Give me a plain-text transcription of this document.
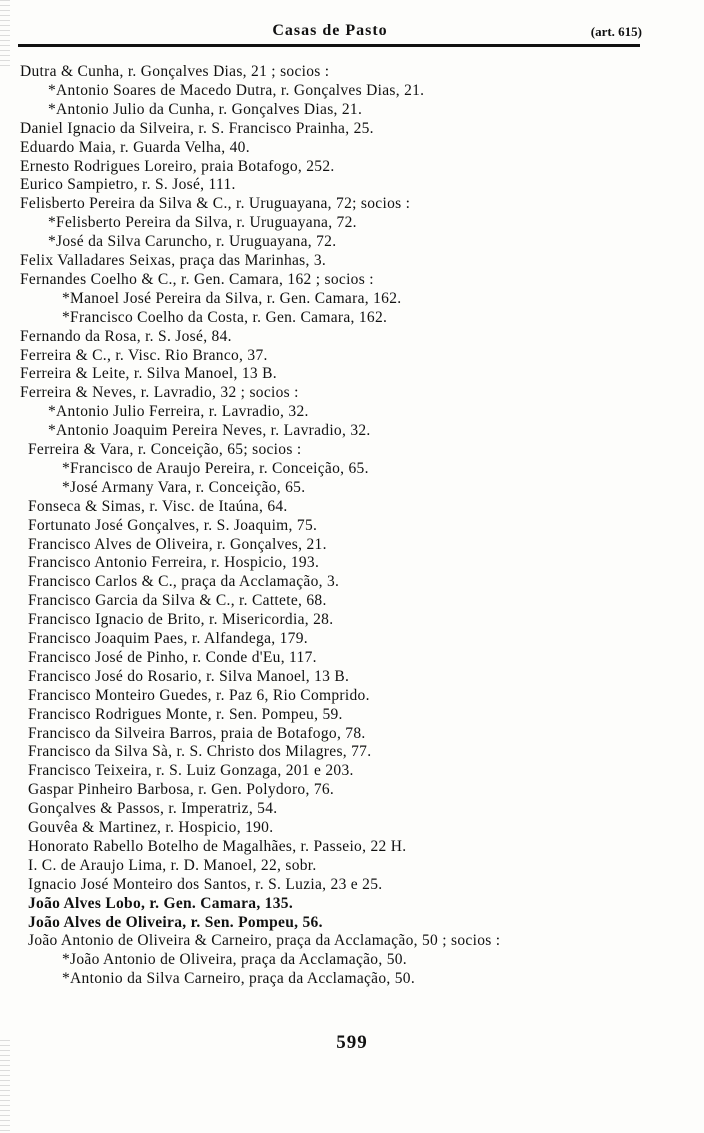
Casas de Pasto	(art. 615)
Dutra & Cunha, r. Gonçalves Dias, 21 ; socios :
*Antonio Soares de Macedo Dutra, r. Gonçalves Dias, 21.
*Antonio Julio da Cunha, r. Gonçalves Dias, 21.
Daniel Ignacio da Silveira, r. S. Francisco Prainha, 25.
Eduardo Maia, r. Guarda Velha, 40.
Ernesto Rodrigues Loreiro, praia Botafogo, 252.
Eurico Sampietro, r. S. José, 111.
Felisberto Pereira da Silva & C., r. Uruguayana, 72; socios :
*Felisberto Pereira da Silva, r. Uruguayana, 72.
*José da Silva Caruncho, r. Uruguayana, 72.
Felix Valladares Seixas, praça das Marinhas, 3.
Fernandes Coelho & C., r. Gen. Camara, 162 ; socios :
*Manoel José Pereira da Silva, r. Gen. Camara, 162.
*Francisco Coelho da Costa, r. Gen. Camara, 162.
Fernando da Rosa, r. S. José, 84.
Ferreira & C., r. Visc. Rio Branco, 37.
Ferreira & Leite, r. Silva Manoel, 13 B.
Ferreira & Neves, r. Lavradio, 32 ; socios :
*Antonio Julio Ferreira, r. Lavradio, 32.
*Antonio Joaquim Pereira Neves, r. Lavradio, 32.
Ferreira & Vara, r. Conceição, 65; socios :
*Francisco de Araujo Pereira, r. Conceição, 65.
*José Armany Vara, r. Conceição, 65.
Fonseca & Simas, r. Visc. de Itaúna, 64.
Fortunato José Gonçalves, r. S. Joaquim, 75.
Francisco Alves de Oliveira, r. Gonçalves, 21.
Francisco Antonio Ferreira, r. Hospicio, 193.
Francisco Carlos & C., praça da Acclamação, 3.
Francisco Garcia da Silva & C., r. Cattete, 68.
Francisco Ignacio de Brito, r. Misericordia, 28.
Francisco Joaquim Paes, r. Alfandega, 179.
Francisco José de Pinho, r. Conde d'Eu, 117.
Francisco José do Rosario, r. Silva Manoel, 13 B.
Francisco Monteiro Guedes, r. Paz 6, Rio Comprido.
Francisco Rodrigues Monte, r. Sen. Pompeu, 59.
Francisco da Silveira Barros, praia de Botafogo, 78.
Francisco da Silva Sà, r. S. Christo dos Milagres, 77.
Francisco Teixeira, r. S. Luiz Gonzaga, 201 e 203.
Gaspar Pinheiro Barbosa, r. Gen. Polydoro, 76.
Gonçalves & Passos, r. Imperatriz, 54.
Gouvêa & Martinez, r. Hospicio, 190.
Honorato Rabello Botelho de Magalhães, r. Passeio, 22 H.
I. C. de Araujo Lima, r. D. Manoel, 22, sobr.
Ignacio José Monteiro dos Santos, r. S. Luzia, 23 e 25.
João Alves Lobo, r. Gen. Camara, 135.
João Alves de Oliveira, r. Sen. Pompeu, 56.
João Antonio de Oliveira & Carneiro, praça da Acclamação, 50 ; socios :
*João Antonio de Oliveira, praça da Acclamação, 50.
*Antonio da Silva Carneiro, praça da Acclamação, 50.
599
